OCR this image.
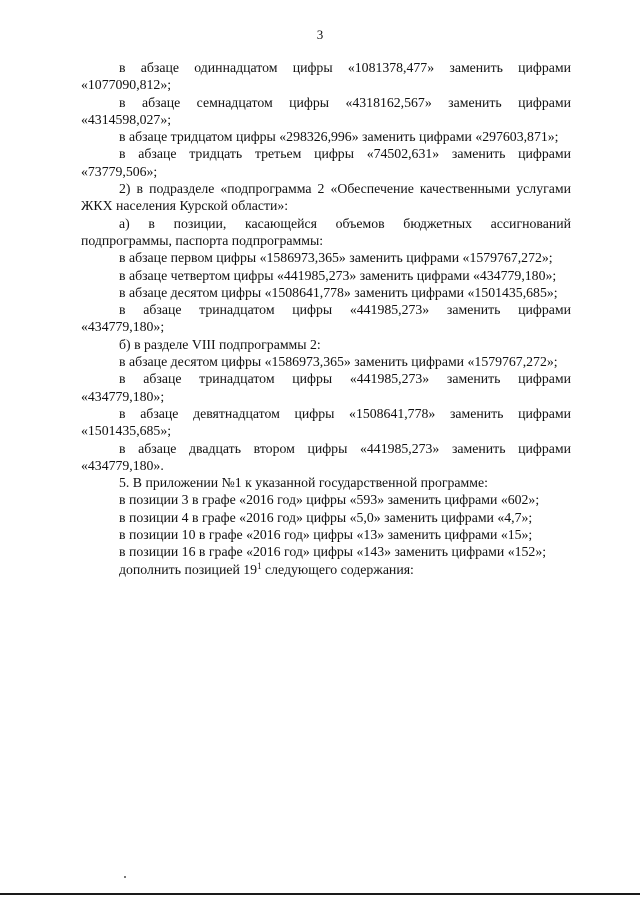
3

в абзаце одиннадцатом цифры «1081378,477» заменить цифрами «1077090,812»;

в абзаце семнадцатом цифры «4318162,567» заменить цифрами «4314598,027»;

в абзаце тридцатом цифры «298326,996» заменить цифрами «297603,871»;

в абзаце тридцать третьем цифры «74502,631» заменить цифрами «73779,506»;

2) в подразделе «подпрограмма 2 «Обеспечение качественными услугами ЖКХ населения Курской области»:

а) в позиции, касающейся объемов бюджетных ассигнований подпрограммы, паспорта подпрограммы:

в абзаце первом цифры «1586973,365» заменить цифрами «1579767,272»;

в абзаце четвертом цифры «441985,273» заменить цифрами «434779,180»;

в абзаце десятом цифры «1508641,778» заменить цифрами «1501435,685»;

в абзаце тринадцатом цифры «441985,273» заменить цифрами «434779,180»;

б) в разделе VIII подпрограммы 2:

в абзаце десятом цифры «1586973,365» заменить цифрами «1579767,272»;

в абзаце тринадцатом цифры «441985,273» заменить цифрами «434779,180»;

в абзаце девятнадцатом цифры «1508641,778» заменить цифрами «1501435,685»;

в абзаце двадцать втором цифры «441985,273» заменить цифрами «434779,180».

5. В приложении №1 к указанной государственной программе:

в позиции 3 в графе «2016 год» цифры «593» заменить цифрами «602»;

в позиции 4 в графе «2016 год» цифры «5,0» заменить цифрами «4,7»;

в позиции 10 в графе «2016 год» цифры «13» заменить цифрами «15»;

в позиции 16 в графе «2016 год» цифры «143» заменить цифрами «152»;

дополнить позицией $19^1$ следующего содержания:
